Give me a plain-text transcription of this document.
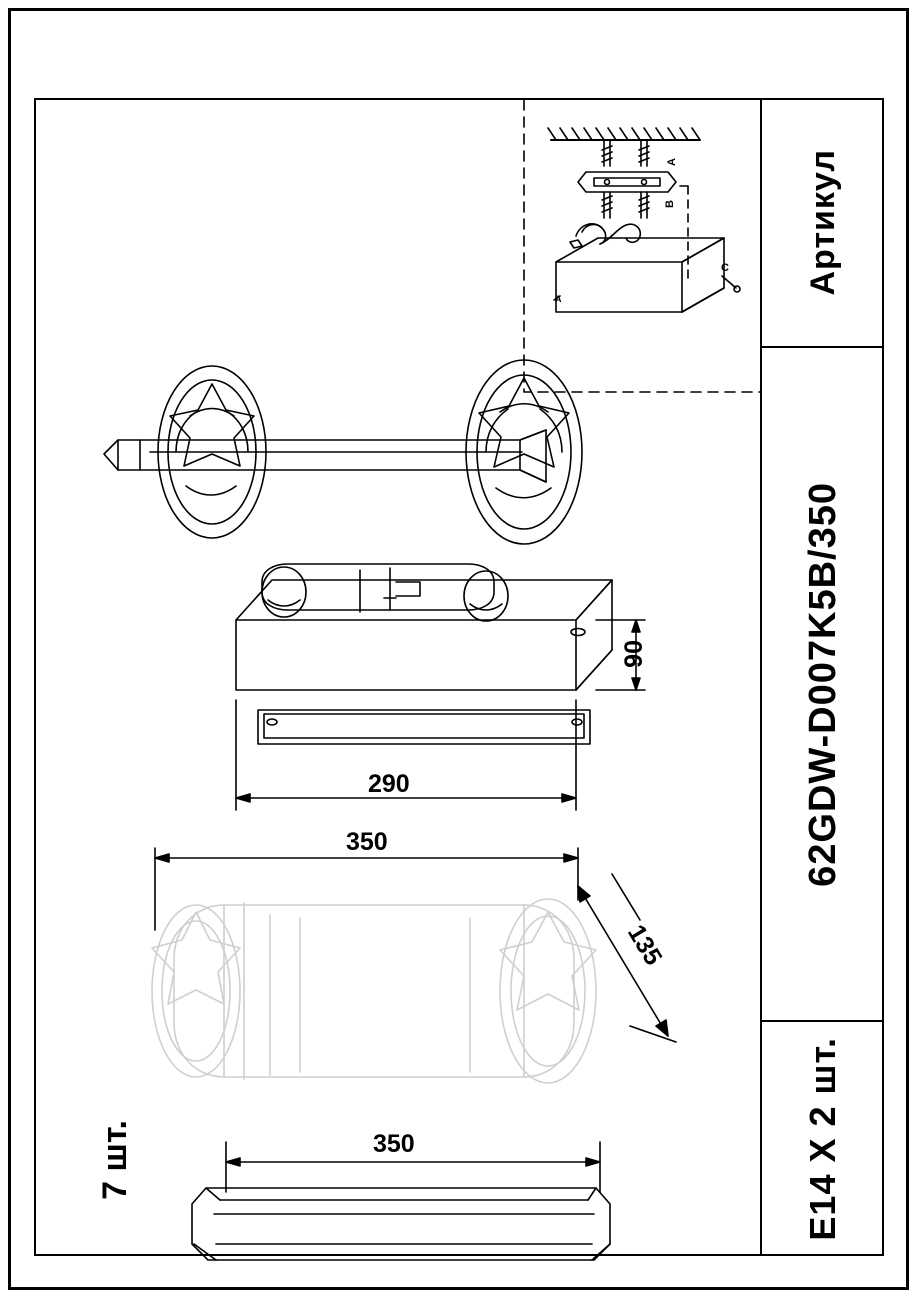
90
290
350
135
350
A
B
C
A
7 шт.
Артикул
62GDW-D007K5B/350
E14 X 2 шт.
